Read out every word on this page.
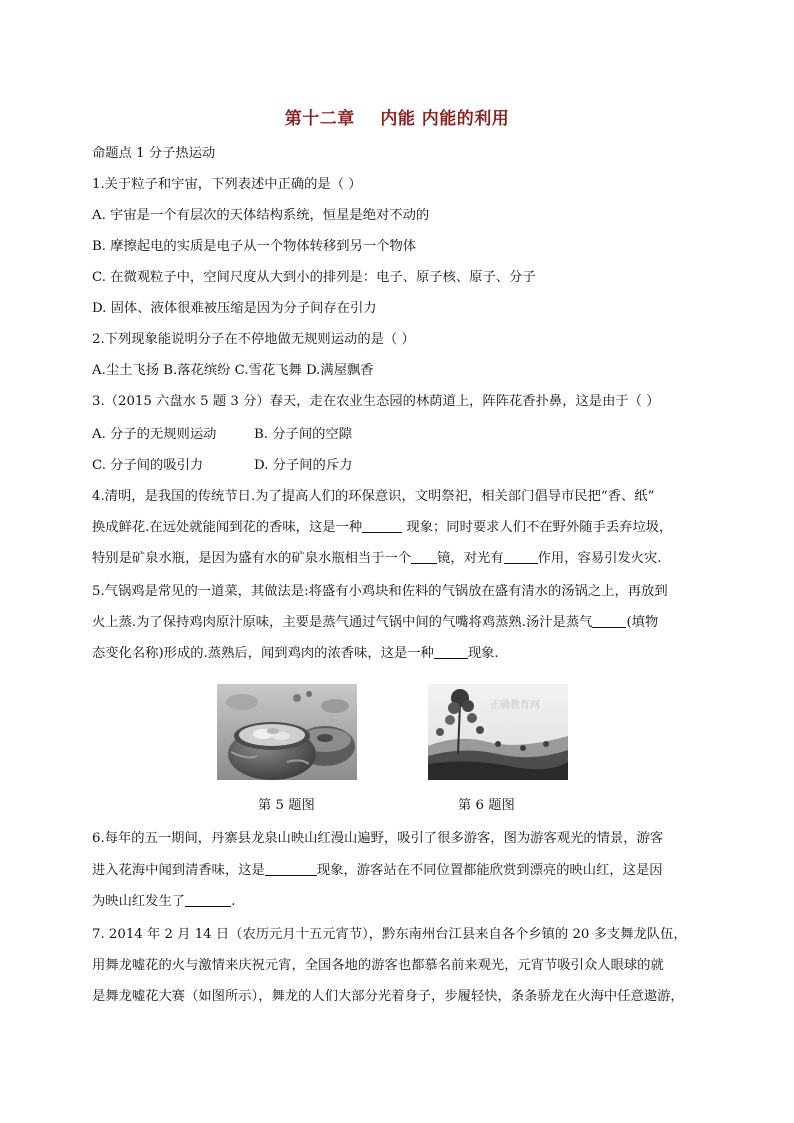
第十二章    内能 内能的利用
命题点 1 分子热运动
1.关于粒子和宇宙，下列表述中正确的是（ ）
A. 宇宙是一个有层次的天体结构系统，恒星是绝对不动的
B. 摩擦起电的实质是电子从一个物体转移到另一个物体
C. 在微观粒子中，空间尺度从大到小的排列是：电子、原子核、原子、分子
D. 固体、液体很难被压缩是因为分子间存在引力
2.下列现象能说明分子在不停地做无规则运动的是（ ）
A.尘土飞扬 B.落花缤纷 C.雪花飞舞 D.满屋飘香
3.（2015 六盘水 5 题 3 分）春天，走在农业生态园的林荫道上，阵阵花香扑鼻，这是由于（ ）
A. 分子的无规则运动	B. 分子间的空隙
C. 分子间的吸引力	D. 分子间的斥力
4.清明，是我国的传统节日.为了提高人们的环保意识，文明祭祀，相关部门倡导市民把“香、纸”
换成鲜花.在远处就能闻到花的香味，这是一种	现象；同时要求人们不在野外随手丢弃垃圾，
特别是矿泉水瓶，是因为盛有水的矿泉水瓶相当于一个 镜，对光有	作用，容易引发火灾.
5.气锅鸡是常见的一道菜，其做法是:将盛有小鸡块和佐料的气锅放在盛有清水的汤锅之上，再放到
火上蒸.为了保持鸡肉原汁原味，主要是蒸气通过气锅中间的气嘴将鸡蒸熟.汤汁是蒸气	(填物
态变化名称)形成的.蒸熟后，闻到鸡肉的浓香味，这是一种	现象.
正确教育网
第 5 题图	第 6 题图
6.每年的五一期间，丹寨县龙泉山映山红漫山遍野，吸引了很多游客，图为游客观光的情景，游客
进入花海中闻到清香味，这是	现象，游客站在不同位置都能欣赏到漂亮的映山红，这是因
为映山红发生了	.
7. 2014 年 2 月 14 日（农历元月十五元宵节），黔东南州台江县来自各个乡镇的 20 多支舞龙队伍，
用舞龙嘘花的火与激情来庆祝元宵，全国各地的游客也都慕名前来观光，元宵节吸引众人眼球的就
是舞龙嘘花大赛（如图所示），舞龙的人们大部分光着身子，步履轻快，条条骄龙在火海中任意遨游，
